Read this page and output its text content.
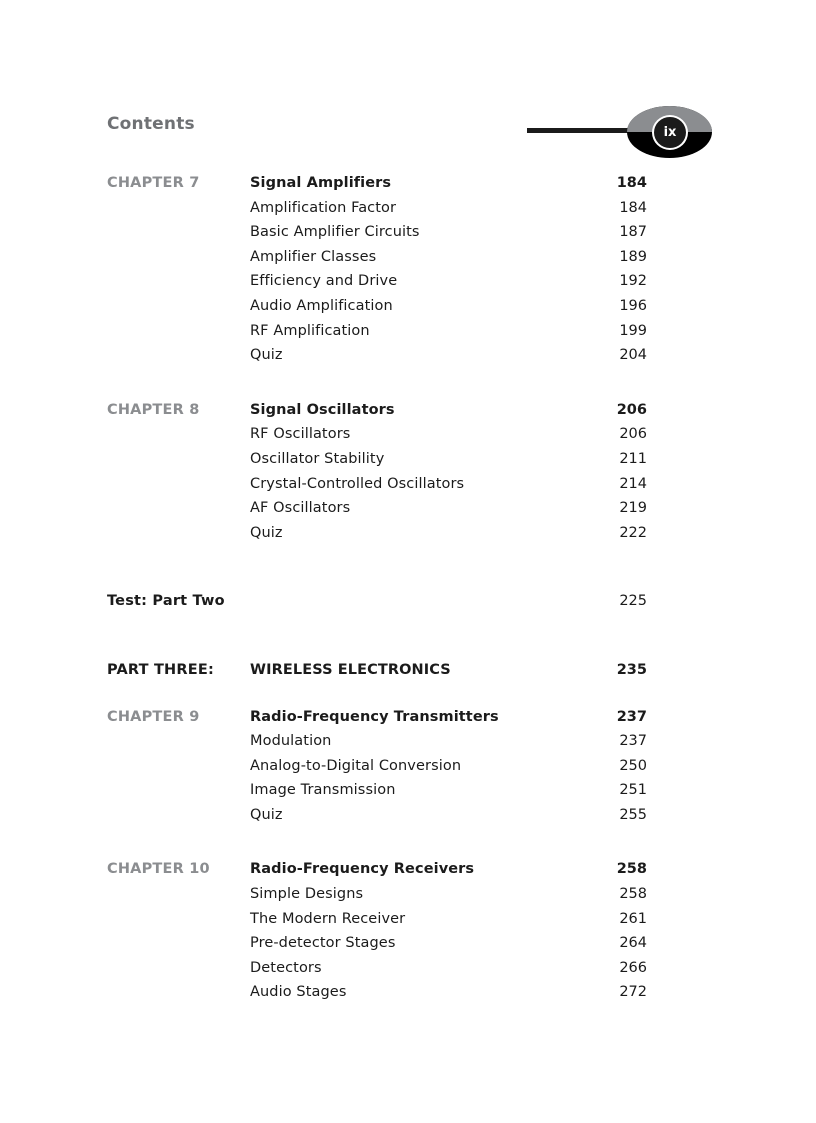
Contents	ix
CHAPTER 7	Signal Amplifiers	184
Amplification Factor	184
Basic Amplifier Circuits	187
Amplifier Classes	189
Efficiency and Drive	192
Audio Amplification	196
RF Amplification	199
Quiz	204
CHAPTER 8	Signal Oscillators	206
RF Oscillators	206
Oscillator Stability	211
Crystal-Controlled Oscillators	214
AF Oscillators	219
Quiz	222
Test: Part Two	225
PART THREE:	WIRELESS ELECTRONICS	235
CHAPTER 9	Radio-Frequency Transmitters	237
Modulation	237
Analog-to-Digital Conversion	250
Image Transmission	251
Quiz	255
CHAPTER 10	Radio-Frequency Receivers	258
Simple Designs	258
The Modern Receiver	261
Pre-detector Stages	264
Detectors	266
Audio Stages	272
